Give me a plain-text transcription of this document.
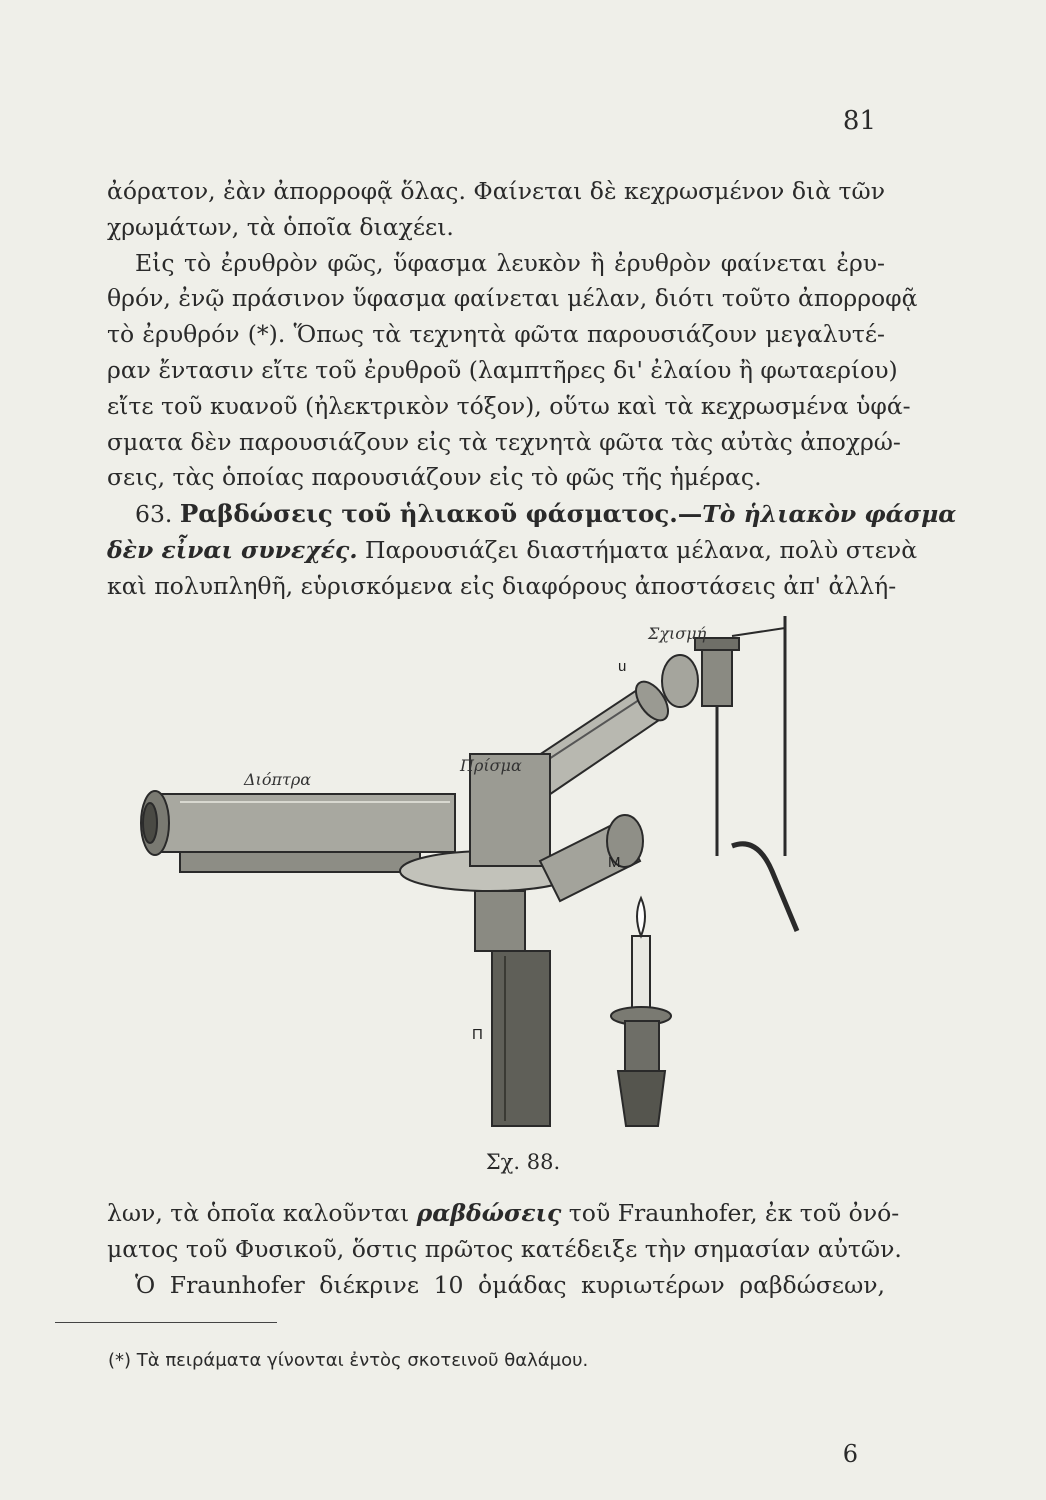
81
ἀόρατον, ἐὰν ἀπορροφᾷ ὅλας. Φαίνεται δὲ κεχρωσμένον διὰ τῶν
χρωμάτων, τὰ ὁποῖα διαχέει.
Εἰς τὸ ἐρυθρὸν φῶς, ὕφασμα λευκὸν ἢ ἐρυθρὸν φαίνεται ἐρυ-
θρόν, ἐνῷ πράσινον ὕφασμα φαίνεται μέλαν, διότι τοῦτο ἀπορροφᾷ
τὸ ἐρυθρόν (*). Ὅπως τὰ τεχνητὰ φῶτα παρουσιάζουν μεγαλυτέ-
ραν ἔντασιν εἴτε τοῦ ἐρυθροῦ (λαμπτῆρες δι' ἐλαίου ἢ φωταερίου)
εἴτε τοῦ κυανοῦ (ἠλεκτρικὸν τόξον), οὕτω καὶ τὰ κεχρωσμένα ὑφά-
σματα δὲν παρουσιάζουν εἰς τὰ τεχνητὰ φῶτα τὰς αὐτὰς ἀποχρώ-
σεις, τὰς ὁποίας παρουσιάζουν εἰς τὸ φῶς τῆς ἡμέρας.
63. Ραβδώσεις τοῦ ἡλιακοῦ φάσματος.—Τὸ ἡλιακὸν φάσμα
δὲν εἶναι συνεχές. Παρουσιάζει διαστήματα μέλανα, πολὺ στενὰ
καὶ πολυπληθῆ, εὑρισκόμενα εἰς διαφόρους ἀποστάσεις ἀπ' ἀλλή-
Διόπτρα
Πρίσμα
Σχισμή
u
M
Π
Σχ. 88.
λων, τὰ ὁποῖα καλοῦνται ραβδώσεις τοῦ Fraunhofer, ἐκ τοῦ ὀνό-
ματος τοῦ Φυσικοῦ, ὅστις πρῶτος κατέδειξε τὴν σημασίαν αὐτῶν.
Ὁ Fraunhofer διέκρινε 10 ὁμάδας κυριωτέρων ραβδώσεων,
(*) Τὰ πειράματα γίνονται ἐντὸς σκοτεινοῦ θαλάμου.
6
